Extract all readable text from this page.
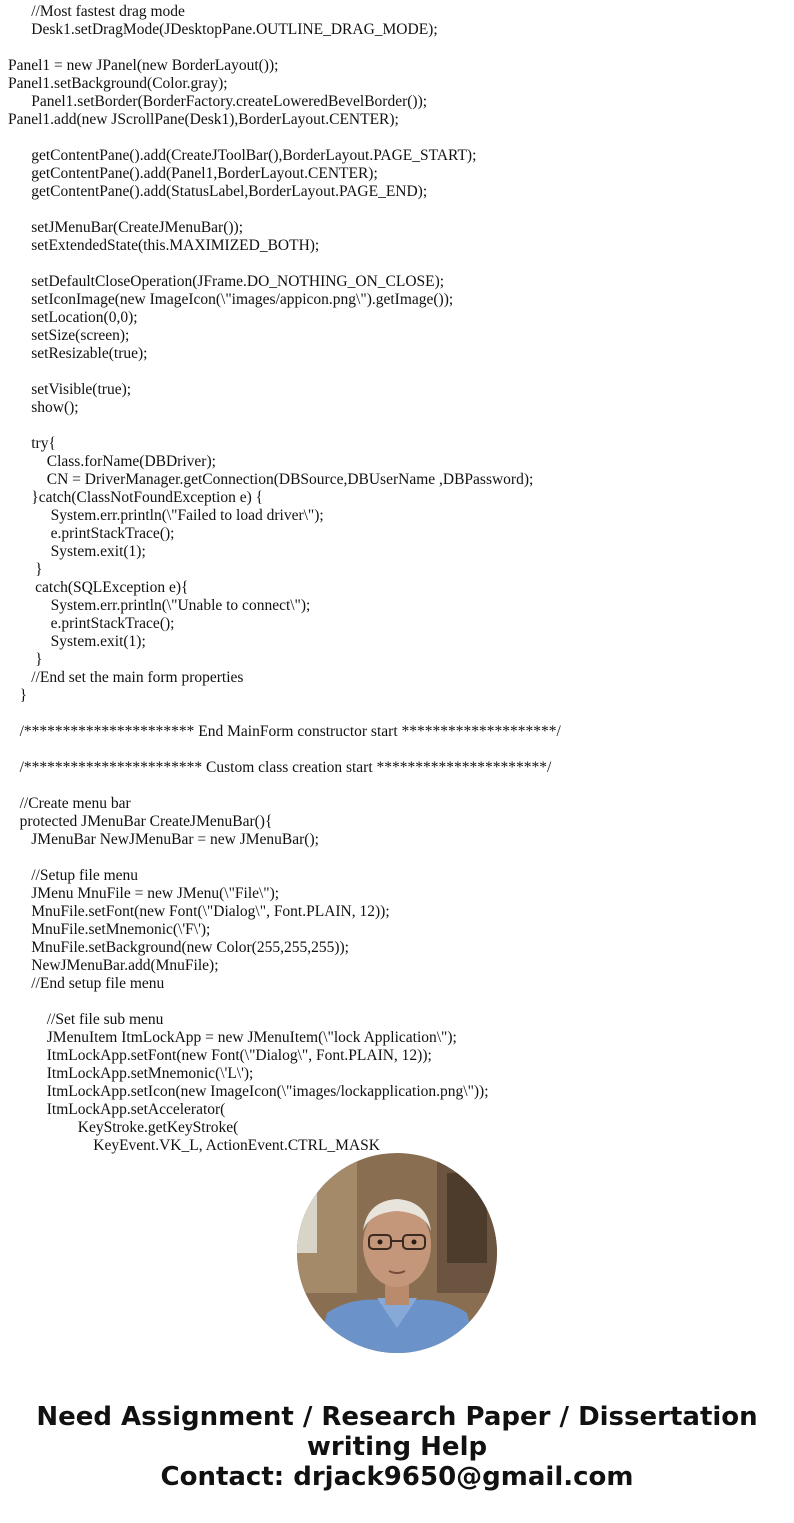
//Most fastest drag mode
Desk1.setDragMode(JDesktopPane.OUTLINE_DRAG_MODE);
Panel1 = new JPanel(new BorderLayout());
Panel1.setBackground(Color.gray);
Panel1.setBorder(BorderFactory.createLoweredBevelBorder());
Panel1.add(new JScrollPane(Desk1),BorderLayout.CENTER);
getContentPane().add(CreateJToolBar(),BorderLayout.PAGE_START);
getContentPane().add(Panel1,BorderLayout.CENTER);
getContentPane().add(StatusLabel,BorderLayout.PAGE_END);
setJMenuBar(CreateJMenuBar());
setExtendedState(this.MAXIMIZED_BOTH);
setDefaultCloseOperation(JFrame.DO_NOTHING_ON_CLOSE);
setIconImage(new ImageIcon(\"images/appicon.png\").getImage());
setLocation(0,0);
setSize(screen);
setResizable(true);
setVisible(true);
show();
try{
Class.forName(DBDriver);
CN = DriverManager.getConnection(DBSource,DBUserName ,DBPassword);
}catch(ClassNotFoundException e) {
System.err.println(\"Failed to load driver\");
e.printStackTrace();
System.exit(1);
}
catch(SQLException e){
System.err.println(\"Unable to connect\");
e.printStackTrace();
System.exit(1);
}
//End set the main form properties
}
/********************** End MainForm constructor start ********************/
/*********************** Custom class creation start **********************/
//Create menu bar
protected JMenuBar CreateJMenuBar(){
JMenuBar NewJMenuBar = new JMenuBar();
//Setup file menu
JMenu MnuFile = new JMenu(\"File\");
MnuFile.setFont(new Font(\"Dialog\", Font.PLAIN, 12));
MnuFile.setMnemonic(\'F\');
MnuFile.setBackground(new Color(255,255,255));
NewJMenuBar.add(MnuFile);
//End setup file menu
//Set file sub menu
JMenuItem ItmLockApp = new JMenuItem(\"lock Application\");
ItmLockApp.setFont(new Font(\"Dialog\", Font.PLAIN, 12));
ItmLockApp.setMnemonic(\'L\');
ItmLockApp.setIcon(new ImageIcon(\"images/lockapplication.png\"));
ItmLockApp.setAccelerator(
KeyStroke.getKeyStroke(
KeyEvent.VK_L, ActionEvent.CTRL_MASK
Need Assignment / Research Paper / Dissertation
writing Help
Contact: drjack9650@gmail.com
